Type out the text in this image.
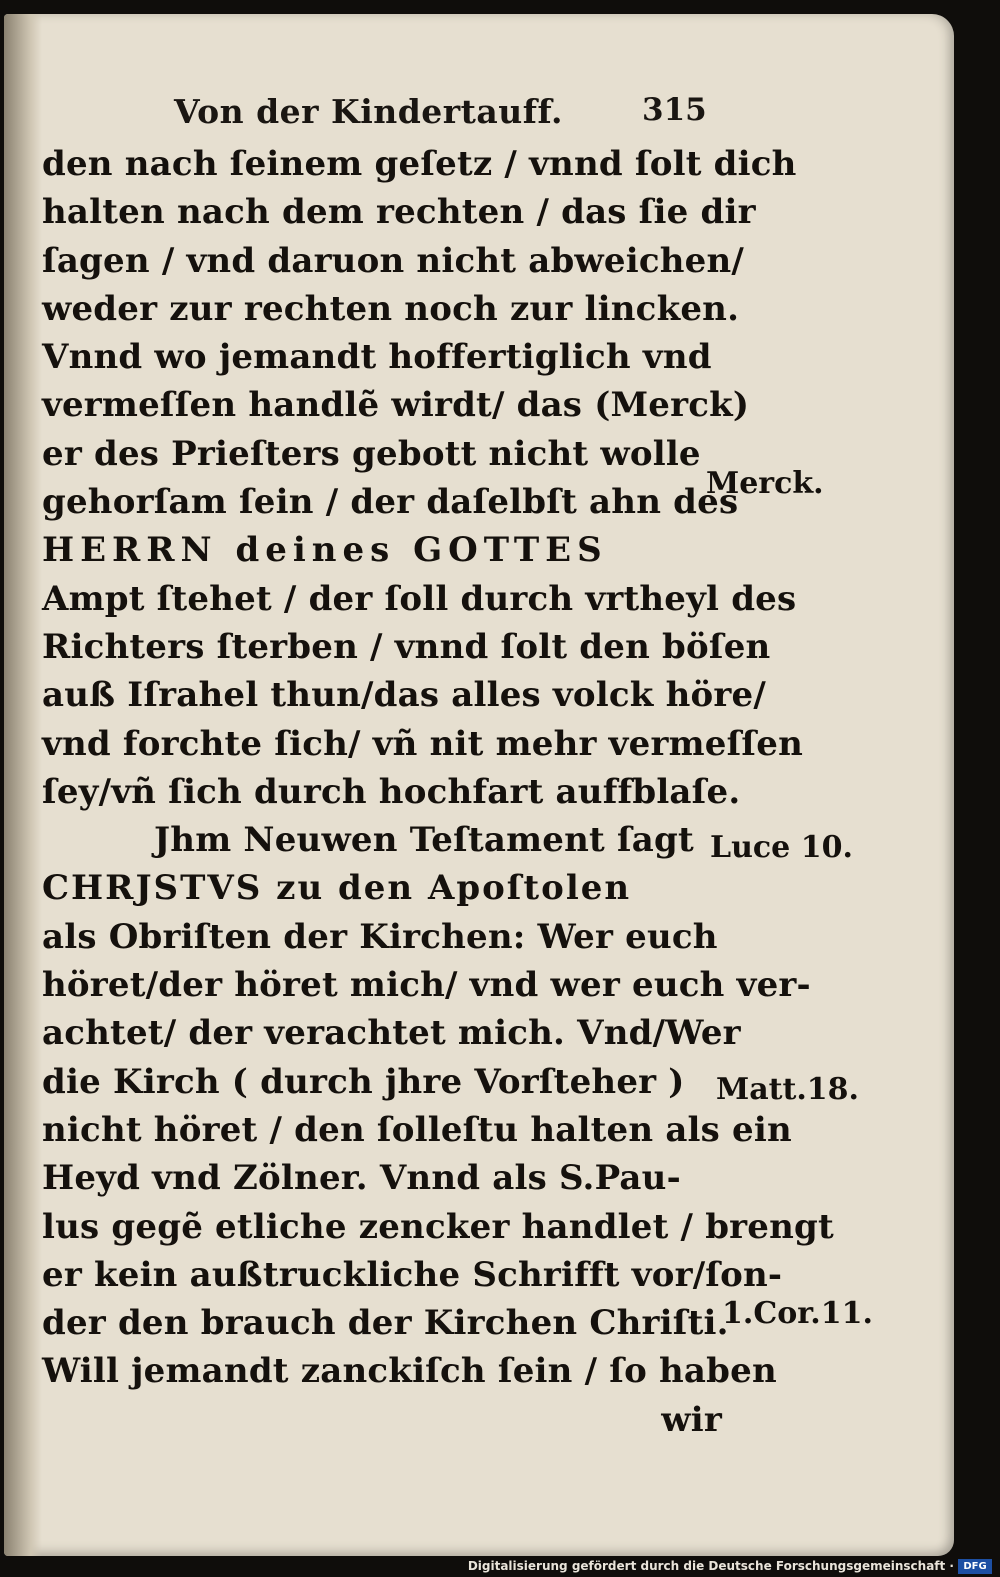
Von der Kindertauff.	315
den nach ſeinem geſetz / vnnd ſolt dich
halten nach dem rechten / das ſie dir
ſagen / vnd daruon nicht abweichen/
weder zur rechten noch zur lincken.
Vnnd wo jemandt hoffertiglich vnd
vermeſſen handlẽ wirdt/ das (Merck)
er des Prieſters gebott nicht wolle
gehorſam ſein / der daſelbſt ahn des
HERRN deines GOTTES
Ampt ſtehet / der ſoll durch vrtheyl des
Richters ſterben / vnnd ſolt den böſen
auß Iſrahel thun/das alles volck höre/
vnd forchte ſich/ vñ nit mehr vermeſſen
ſey/vñ ſich durch hochfart auffblaſe.
Jhm Neuwen Teſtament ſagt
CHRJSTVS zu den Apoſtolen
als Obriſten der Kirchen: Wer euch
höret/der höret mich/ vnd wer euch ver-
achtet/ der verachtet mich. Vnd/Wer
die Kirch ( durch jhre Vorſteher )
nicht höret / den ſolleſtu halten als ein
Heyd vnd Zölner. Vnnd als S.Pau-
lus gegẽ etliche zencker handlet / brengt
er kein außtruckliche Schrifft vor/ſon-
der den brauch der Kirchen Chriſti.
Will jemandt zanckiſch ſein / ſo haben
wir
Merck.
Luce 10.
Matt.18.
1.Cor.11.
Digitalisierung gefördert durch die Deutsche Forschungsgemeinschaft · DFG
